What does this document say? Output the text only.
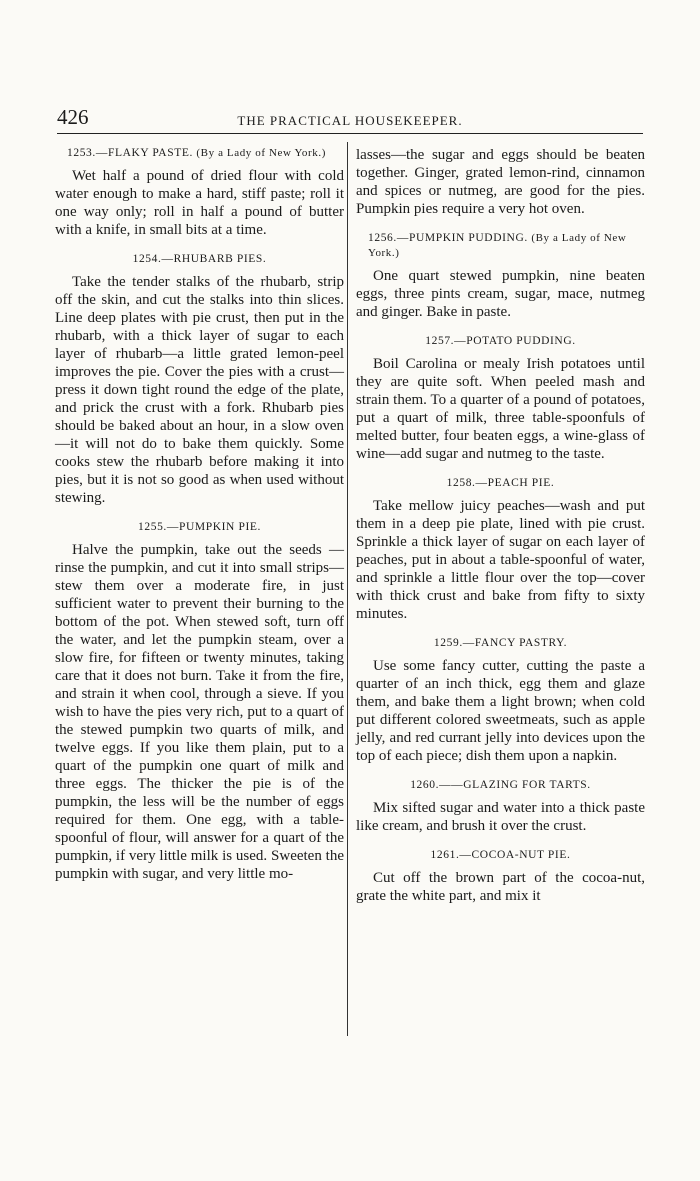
426	THE PRACTICAL HOUSEKEEPER.
1253.—FLAKY PASTE. (By a Lady of New York.)

Wet half a pound of dried flour with cold water enough to make a hard, stiff paste; roll it one way only; roll in half a pound of butter with a knife, in small bits at a time.

1254.—RHUBARB PIES.

Take the tender stalks of the rhubarb, strip off the skin, and cut the stalks into thin slices. Line deep plates with pie crust, then put in the rhubarb, with a thick layer of sugar to each layer of rhubarb—a little grated lemon-peel improves the pie. Cover the pies with a crust—press it down tight round the edge of the plate, and prick the crust with a fork. Rhubarb pies should be baked about an hour, in a slow oven—it will not do to bake them quickly. Some cooks stew the rhubarb before making it into pies, but it is not so good as when used without stewing.

1255.—PUMPKIN PIE.

Halve the pumpkin, take out the seeds —rinse the pumpkin, and cut it into small strips—stew them over a moderate fire, in just sufficient water to prevent their burning to the bottom of the pot. When stewed soft, turn off the water, and let the pumpkin steam, over a slow fire, for fifteen or twenty minutes, taking care that it does not burn. Take it from the fire, and strain it when cool, through a sieve. If you wish to have the pies very rich, put to a quart of the stewed pumpkin two quarts of milk, and twelve eggs. If you like them plain, put to a quart of the pumpkin one quart of milk and three eggs. The thicker the pie is of the pumpkin, the less will be the number of eggs required for them. One egg, with a table-spoonful of flour, will answer for a quart of the pumpkin, if very little milk is used. Sweeten the pumpkin with sugar, and very little mo-

lasses—the sugar and eggs should be beaten together. Ginger, grated lemon-rind, cinnamon and spices or nutmeg, are good for the pies. Pumpkin pies require a very hot oven.

1256.—PUMPKIN PUDDING. (By a Lady of New York.)

One quart stewed pumpkin, nine beaten eggs, three pints cream, sugar, mace, nutmeg and ginger. Bake in paste.

1257.—POTATO PUDDING.

Boil Carolina or mealy Irish potatoes until they are quite soft. When peeled mash and strain them. To a quarter of a pound of potatoes, put a quart of milk, three table-spoonfuls of melted butter, four beaten eggs, a wine-glass of wine—add sugar and nutmeg to the taste.

1258.—PEACH PIE.

Take mellow juicy peaches—wash and put them in a deep pie plate, lined with pie crust. Sprinkle a thick layer of sugar on each layer of peaches, put in about a table-spoonful of water, and sprinkle a little flour over the top—cover with thick crust and bake from fifty to sixty minutes.

1259.—FANCY PASTRY.

Use some fancy cutter, cutting the paste a quarter of an inch thick, egg them and glaze them, and bake them a light brown; when cold put different colored sweetmeats, such as apple jelly, and red currant jelly into devices upon the top of each piece; dish them upon a napkin.

1260.——GLAZING FOR TARTS.

Mix sifted sugar and water into a thick paste like cream, and brush it over the crust.

1261.—COCOA-NUT PIE.

Cut off the brown part of the cocoa-nut, grate the white part, and mix it
